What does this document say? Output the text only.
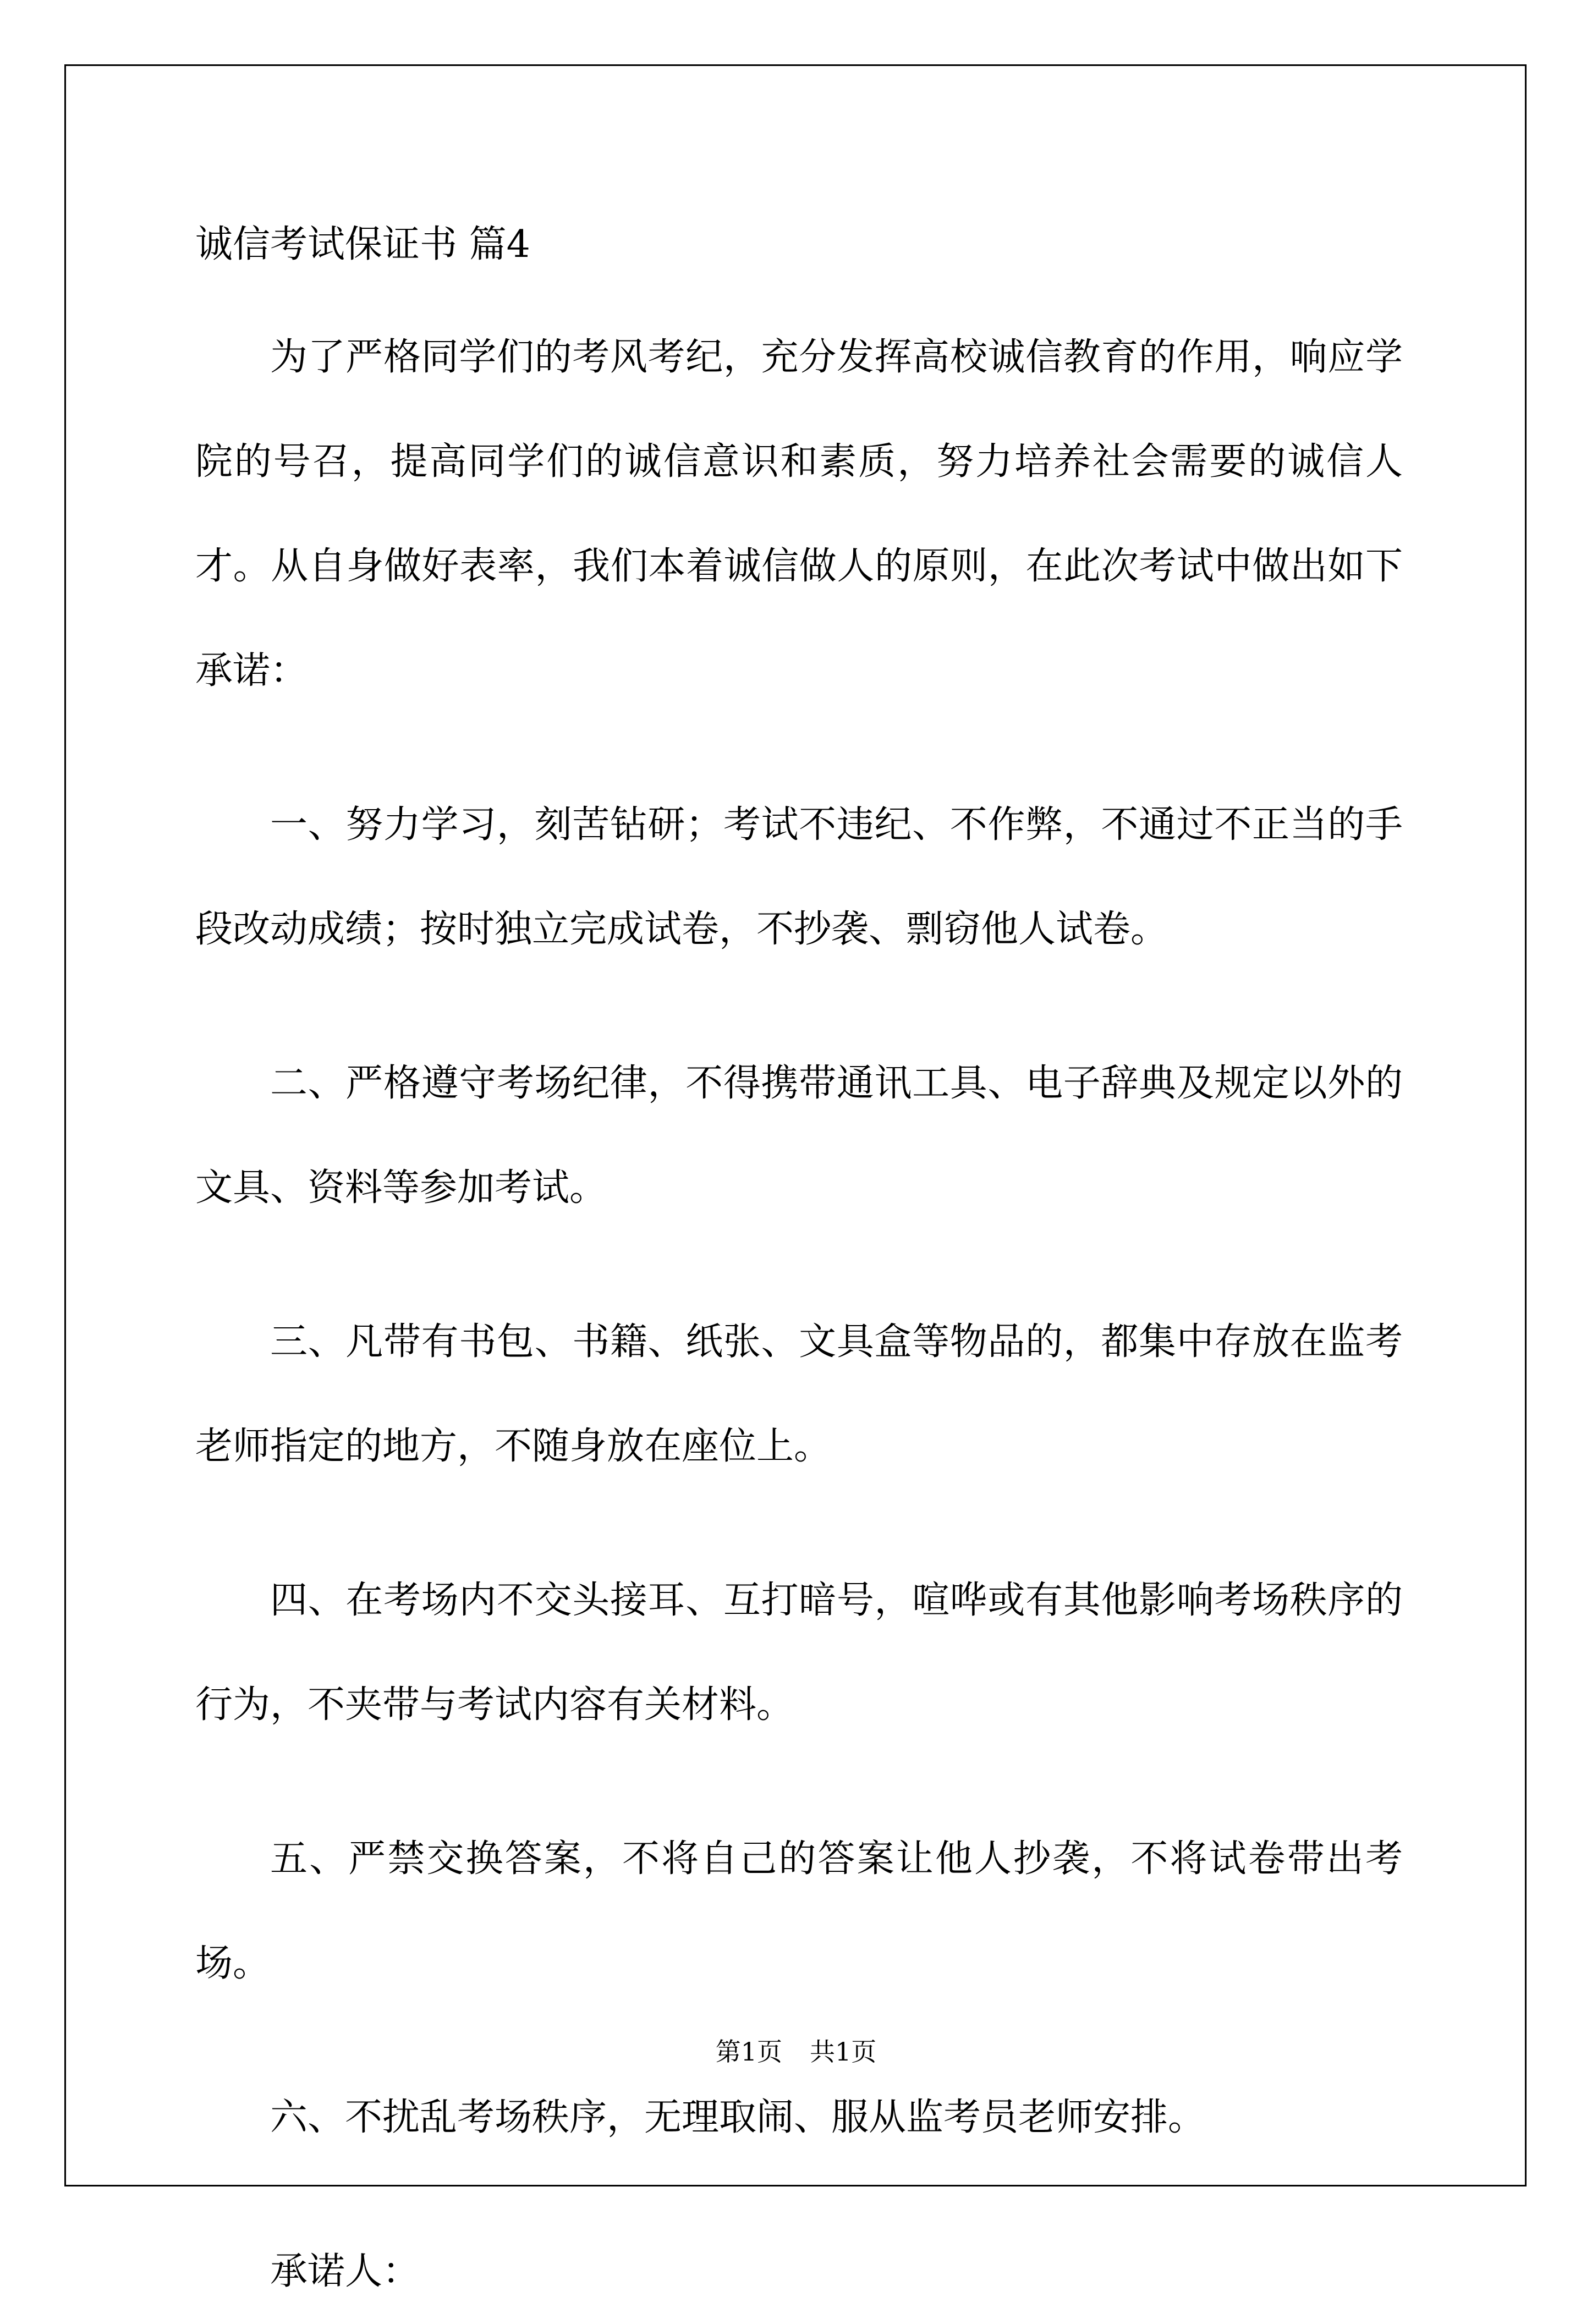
诚信考试保证书 篇4

为了严格同学们的考风考纪，充分发挥高校诚信教育的作用，响应学院的号召，提高同学们的诚信意识和素质，努力培养社会需要的诚信人才。从自身做好表率，我们本着诚信做人的原则，在此次考试中做出如下承诺：

一、努力学习，刻苦钻研；考试不违纪、不作弊，不通过不正当的手段改动成绩；按时独立完成试卷，不抄袭、剽窃他人试卷。

二、严格遵守考场纪律，不得携带通讯工具、电子辞典及规定以外的文具、资料等参加考试。

三、凡带有书包、书籍、纸张、文具盒等物品的，都集中存放在监考老师指定的地方，不随身放在座位上。

四、在考场内不交头接耳、互打暗号，喧哗或有其他影响考场秩序的行为，不夹带与考试内容有关材料。

五、严禁交换答案，不将自己的答案让他人抄袭，不将试卷带出考场。

六、不扰乱考场秩序，无理取闹、服从监考员老师安排。

承诺人：

第1页 共1页
